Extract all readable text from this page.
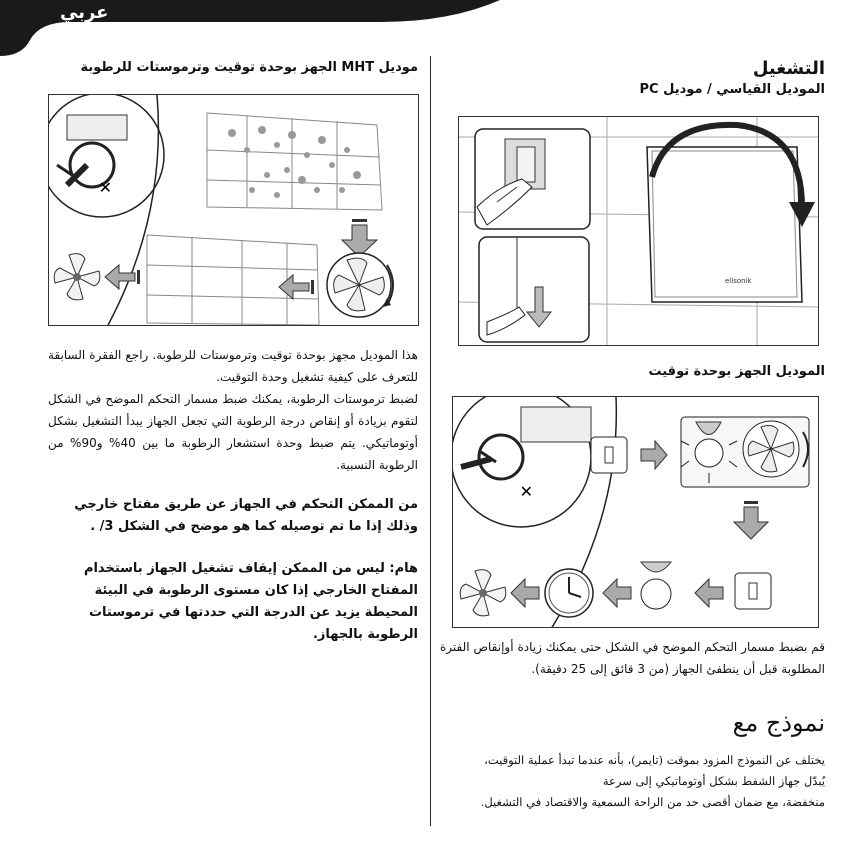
عربي
موديل MHT الجهز بوحدة توقيت وترموستات للرطوبة
✕
هذا الموديل مجهز بوحدة توقيت وترموستات للرطوبة. راجع الفقرة السابقة للتعرف على كيفية تشغيل وحدة التوقيت.
لضبط ترموستات الرطوبة، يمكنك ضبط مسمار التحكم الموضح في الشكل لتقوم بزيادة أو إنقاص درجة الرطوبة التي تجعل الجهاز يبدأ التشغيل بشكل أوتوماتيكي. يتم ضبط وحدة استشعار الرطوبة ما بين 40% و90% من الرطوبة النسبية.
من الممكن التحكم في الجهاز عن طريق مفتاح خارجي وذلك إذا ما تم توصيله كما هو موضح في الشكل 3/ .
هام: ليس من الممكن إيقاف تشغيل الجهاز باستخدام المفتاح الخارجي إذا كان مستوى الرطوبة في البيئة المحيطة يزيد عن الدرجة التي حددتها في ترموستات الرطوبة بالجهاز.
التشغيل
الموديل القياسي / موديل PC
ellsonik
الموديل الجهز بوحدة توقيت
✕
قم بضبط مسمار التحكم الموضح في الشكل حتى يمكنك زيادة أوإنقاص الفترة المطلوبة قبل أن ينطفئ الجهاز (من 3 قائق إلى 25 دقيقة).
نموذج مع
يختلف عن النموذج المزود بموقت (تايمر)، بأنه عندما تبدأ عملية التوقيت،
يُبدّل جهاز الشفط بشكل أوتوماتيكي إلى سرعة
منخفضة، مع ضمان أقصى حد من الراحة السمعية والاقتصاد في التشغيل.
